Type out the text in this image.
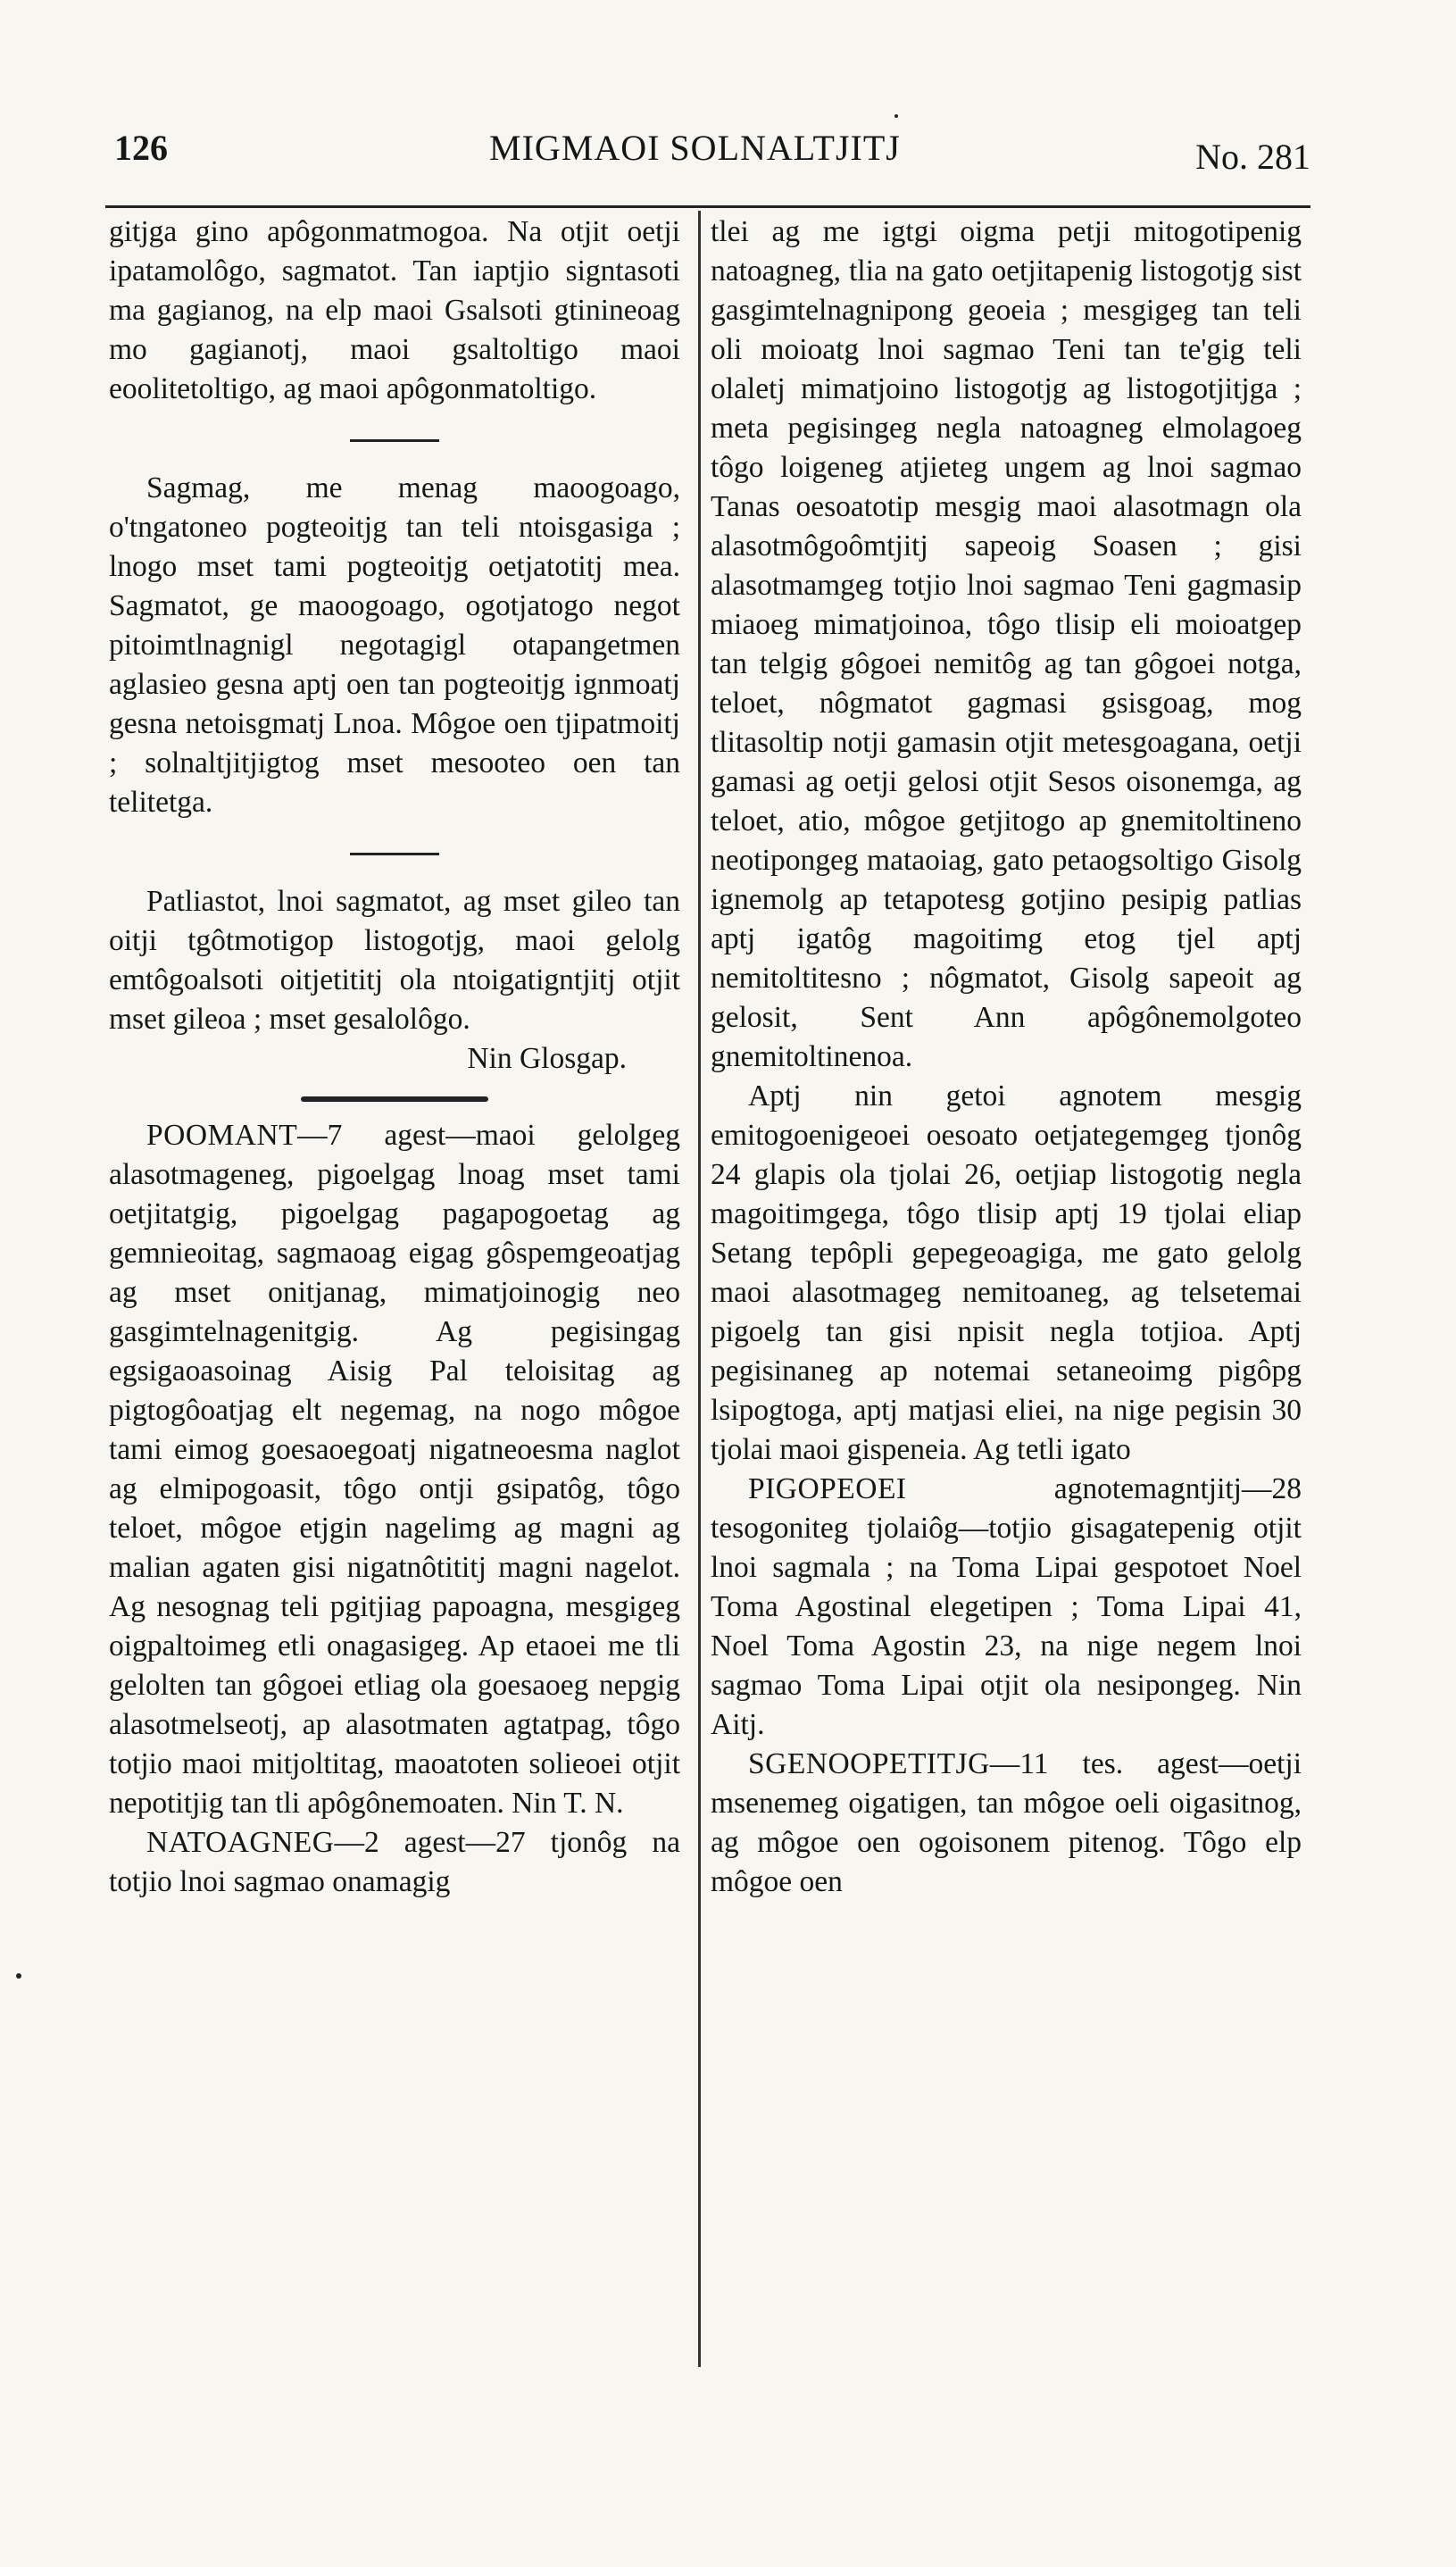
126	MIGMAOI SOLNALTJITJ	No. 281

gitjga gino apôgonmatmogoa. Na otjit oetji ipatamolôgo, sagmatot. Tan iaptjio signtasoti ma gagianog, na elp maoi Gsalsoti gtinineoag mo gagianotj, maoi gsaltoltigo maoi eoolitetoltigo, ag maoi apôgonmatoltigo.

Sagmag, me menag maoogoago, o'tngatoneo pogteoitjg tan teli ntoisgasiga ; lnogo mset tami pogteoitjg oetjatotitj mea. Sagmatot, ge maoogoago, ogotjatogo negot pitoimtlnagnigl negotagigl otapangetmen aglasieo gesna aptj oen tan pogteoitjg ignmoatj gesna netoisgmatj Lnoa. Môgoe oen tjipatmoitj ; solnaltjitjigtog mset mesooteo oen tan telitetga.

Patliastot, lnoi sagmatot, ag mset gileo tan oitji tgôtmotigop listogotjg, maoi gelolg emtôgoalsoti oitjetititj ola ntoigatigntjitj otjit mset gileoa ; mset gesalolôgo.

Nin Glosgap.

POOMANT—7 agest—maoi gelolgeg alasotmageneg, pigoelgag lnoag mset tami oetjitatgig, pigoelgag pagapogoetag ag gemnieoitag, sagmaoag eigag gôspemgeoatjag ag mset onitjanag, mimatjoinogig neo gasgimtelnagenitgig. Ag pegisingag egsigaoasoinag Aisig Pal teloisitag ag pigtogôoatjag elt negemag, na nogo môgoe tami eimog goesaoegoatj nigatneoesma naglot ag elmipogoasit, tôgo ontji gsipatôg, tôgo teloet, môgoe etjgin nagelimg ag magni ag malian agaten gisi nigatnôtititj magni nagelot. Ag nesognag teli pgitjiag papoagna, mesgigeg oigpaltoimeg etli onagasigeg. Ap etaoei me tli gelolten tan gôgoei etliag ola goesaoeg nepgig alasotmelseotj, ap alasotmaten agtatpag, tôgo totjio maoi mitjoltitag, maoatoten solieoei otjit nepotitjig tan tli apôgônemoaten. Nin T. N.

NATOAGNEG—2 agest—27 tjonôg na totjio lnoi sagmao onamagig

tlei ag me igtgi oigma petji mitogotipenig natoagneg, tlia na gato oetjitapenig listogotjg sist gasgimtelnagnipong geoeia ; mesgigeg tan teli oli moioatg lnoi sagmao Teni tan te'gig teli olaletj mimatjoino listogotjg ag listogotjitjga ; meta pegisingeg negla natoagneg elmolagoeg tôgo loigeneg atjieteg ungem ag lnoi sagmao Tanas oesoatotip mesgig maoi alasotmagn ola alasotmôgoômtjitj sapeoig Soasen ; gisi alasotmamgeg totjio lnoi sagmao Teni gagmasip miaoeg mimatjoinoa, tôgo tlisip eli moioatgep tan telgig gôgoei nemitôg ag tan gôgoei notga, teloet, nôgmatot gagmasi gsisgoag, mog tlitasoltip notji gamasin otjit metesgoagana, oetji gamasi ag oetji gelosi otjit Sesos oisonemga, ag teloet, atio, môgoe getjitogo ap gnemitoltineno neotipongeg mataoiag, gato petaogsoltigo Gisolg ignemolg ap tetapotesg gotjino pesipig patlias aptj igatôg magoitimg etog tjel aptj nemitoltitesno ; nôgmatot, Gisolg sapeoit ag gelosit, Sent Ann apôgônemolgoteo gnemitoltinenoa.

Aptj nin getoi agnotem mesgig emitogoenigeoei oesoato oetjategemgeg tjonôg 24 glapis ola tjolai 26, oetjiap listogotig negla magoitimgega, tôgo tlisip aptj 19 tjolai eliap Setang tepôpli gepegeoagiga, me gato gelolg maoi alasotmageg nemitoaneg, ag telsetemai pigoelg tan gisi npisit negla totjioa. Aptj pegisinaneg ap notemai setaneoimg pigôpg lsipogtoga, aptj matjasi eliei, na nige pegisin 30 tjolai maoi gispeneia. Ag tetli igato

PIGOPEOEI	agnotemagntjitj—28 tesogoniteg tjolaiôg—totjio gisagatepenig otjit lnoi sagmala ; na Toma Lipai gespotoet Noel Toma Agostinal elegetipen ; Toma Lipai 41, Noel Toma Agostin 23, na nige negem lnoi sagmao Toma Lipai otjit ola nesipongeg. Nin Aitj.

SGENOOPETITJG—11 tes. agest—oetji msenemeg oigatigen, tan môgoe oeli oigasitnog, ag môgoe oen ogoisonem pitenog. Tôgo elp môgoe oen
